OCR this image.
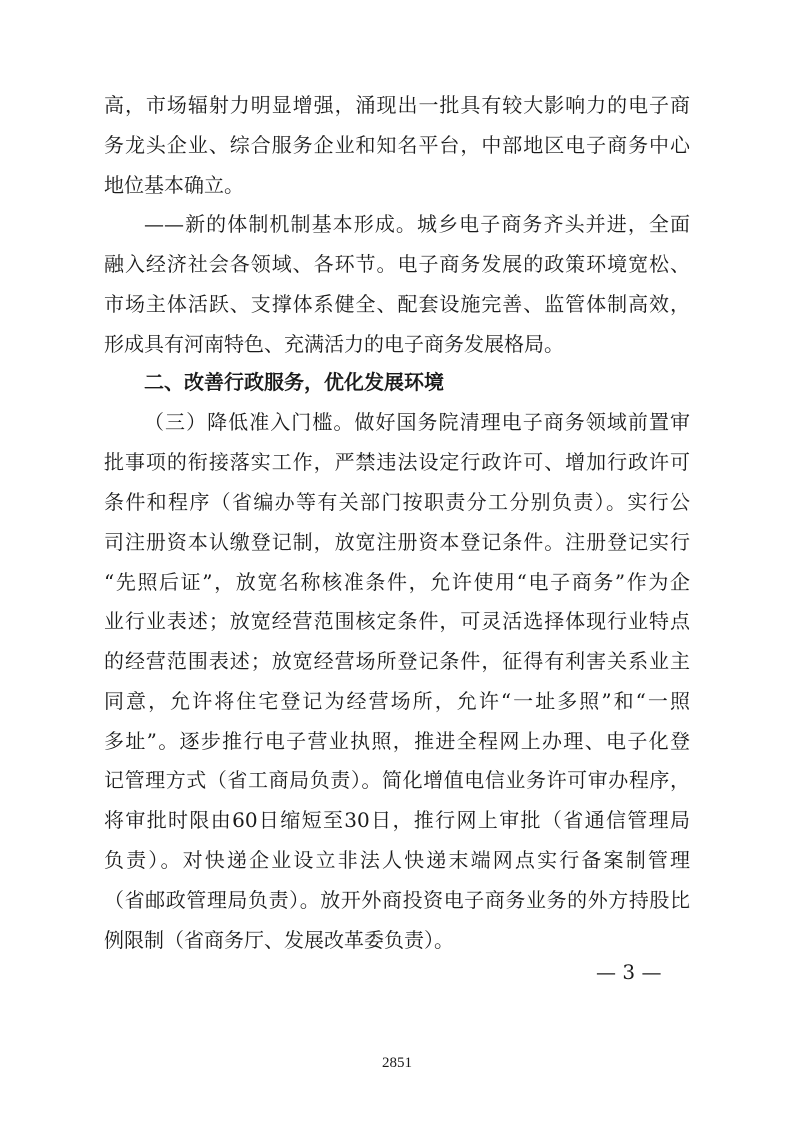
高，市场辐射力明显增强，涌现出一批具有较大影响力的电子商
务龙头企业、综合服务企业和知名平台，中部地区电子商务中心
地位基本确立。
——新的体制机制基本形成。城乡电子商务齐头并进，全面
融入经济社会各领域、各环节。电子商务发展的政策环境宽松、
市场主体活跃、支撑体系健全、配套设施完善、监管体制高效，
形成具有河南特色、充满活力的电子商务发展格局。
二、改善行政服务，优化发展环境
（三）降低准入门槛。做好国务院清理电子商务领域前置审
批事项的衔接落实工作，严禁违法设定行政许可、增加行政许可
条件和程序（省编办等有关部门按职责分工分别负责）。实行公
司注册资本认缴登记制，放宽注册资本登记条件。注册登记实行
“先照后证”，放宽名称核准条件，允许使用“电子商务”作为企
业行业表述；放宽经营范围核定条件，可灵活选择体现行业特点
的经营范围表述；放宽经营场所登记条件，征得有利害关系业主
同意，允许将住宅登记为经营场所，允许“一址多照”和“一照
多址”。逐步推行电子营业执照，推进全程网上办理、电子化登
记管理方式（省工商局负责）。简化增值电信业务许可审办程序，
将审批时限由60日缩短至30日，推行网上审批（省通信管理局
负责）。对快递企业设立非法人快递末端网点实行备案制管理
（省邮政管理局负责）。放开外商投资电子商务业务的外方持股比
例限制（省商务厅、发展改革委负责）。
— 3 —
2851
